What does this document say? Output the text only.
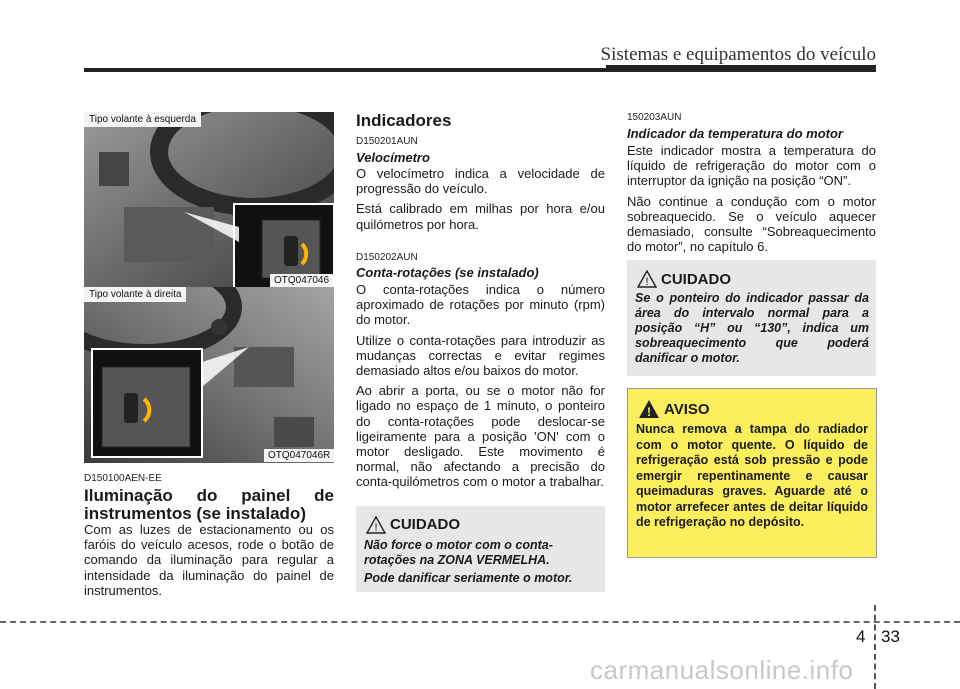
Sistemas e equipamentos do veículo
Tipo volante à esquerda
OTQ047046
Tipo volante à direita
OTQ047046R
D150100AEN-EE
Iluminação do painel de instrumentos (se instalado)

Com as luzes de estacionamento ou os faróis do veículo acesos, rode o botão de comando da iluminação para regular a intensidade da iluminação do painel de instrumentos.

Indicadores
D150201AUN
Velocímetro

O velocímetro indica a velocidade de progressão do veículo.

Está calibrado em milhas por hora e/ou quilómetros por hora.

D150202AUN
Conta-rotações (se instalado)

O conta-rotações indica o número aproximado de rotações por minuto (rpm) do motor.

Utilize o conta-rotações para introduzir as mudanças correctas e evitar regimes demasiado altos e/ou baixos do motor.

Ao abrir a porta, ou se o motor não for ligado no espaço de 1 minuto, o ponteiro do conta-rotações pode deslocar-se ligeiramente para a posição 'ON' com o motor desligado. Este movimento é normal, não afectando a precisão do conta-quilómetros com o motor a trabalhar.

! CUIDADO
Não force o motor com o conta-rotações na ZONA VERMELHA.
Pode danificar seriamente o motor.
150203AUN
Indicador da temperatura do motor

Este indicador mostra a temperatura do líquido de refrigeração do motor com o interruptor da ignição na posição “ON”.

Não continue a condução com o motor sobreaquecido. Se o veículo aquecer demasiado, consulte “Sobreaquecimento do motor”, no capítulo 6.

! CUIDADO
Se o ponteiro do indicador passar da área do intervalo normal para a posição “H” ou “130”, indica um sobreaquecimento que poderá danificar o motor.
! AVISO
Nunca remova a tampa do radiador com o motor quente. O líquido de refrigeração está sob pressão e pode emergir repentinamente e causar queimaduras graves. Aguarde até o motor arrefecer antes de deitar líquido de refrigeração no depósito.
4 33
carmanualsonline.info
